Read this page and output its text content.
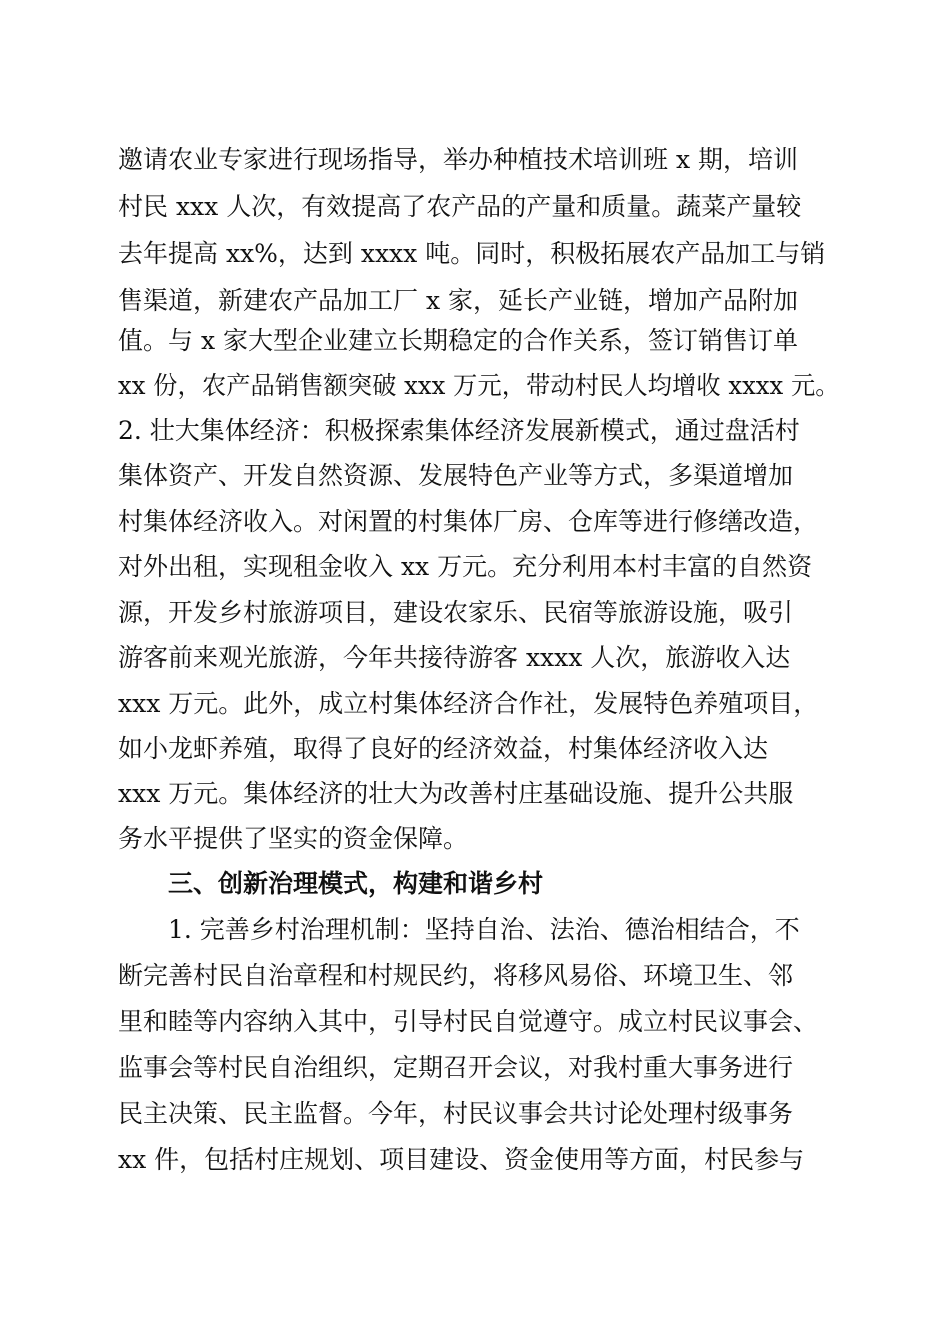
邀请农业专家进行现场指导，举办种植技术培训班 x 期，培训
村民 xxx 人次，有效提高了农产品的产量和质量。蔬菜产量较
去年提高 xx%，达到 xxxx 吨。同时，积极拓展农产品加工与销
售渠道，新建农产品加工厂 x 家，延长产业链，增加产品附加
值。与 x 家大型企业建立长期稳定的合作关系，签订销售订单
xx 份，农产品销售额突破 xxx 万元，带动村民人均增收 xxxx 元。
2. 壮大集体经济：积极探索集体经济发展新模式，通过盘活村
集体资产、开发自然资源、发展特色产业等方式，多渠道增加
村集体经济收入。对闲置的村集体厂房、仓库等进行修缮改造，
对外出租，实现租金收入 xx 万元。充分利用本村丰富的自然资
源，开发乡村旅游项目，建设农家乐、民宿等旅游设施，吸引
游客前来观光旅游，今年共接待游客 xxxx 人次，旅游收入达
xxx 万元。此外，成立村集体经济合作社，发展特色养殖项目，
如小龙虾养殖，取得了良好的经济效益，村集体经济收入达
xxx 万元。集体经济的壮大为改善村庄基础设施、提升公共服
务水平提供了坚实的资金保障。
三、创新治理模式，构建和谐乡村
1. 完善乡村治理机制：坚持自治、法治、德治相结合，不
断完善村民自治章程和村规民约，将移风易俗、环境卫生、邻
里和睦等内容纳入其中，引导村民自觉遵守。成立村民议事会、
监事会等村民自治组织，定期召开会议，对我村重大事务进行
民主决策、民主监督。今年，村民议事会共讨论处理村级事务
xx 件，包括村庄规划、项目建设、资金使用等方面，村民参与
